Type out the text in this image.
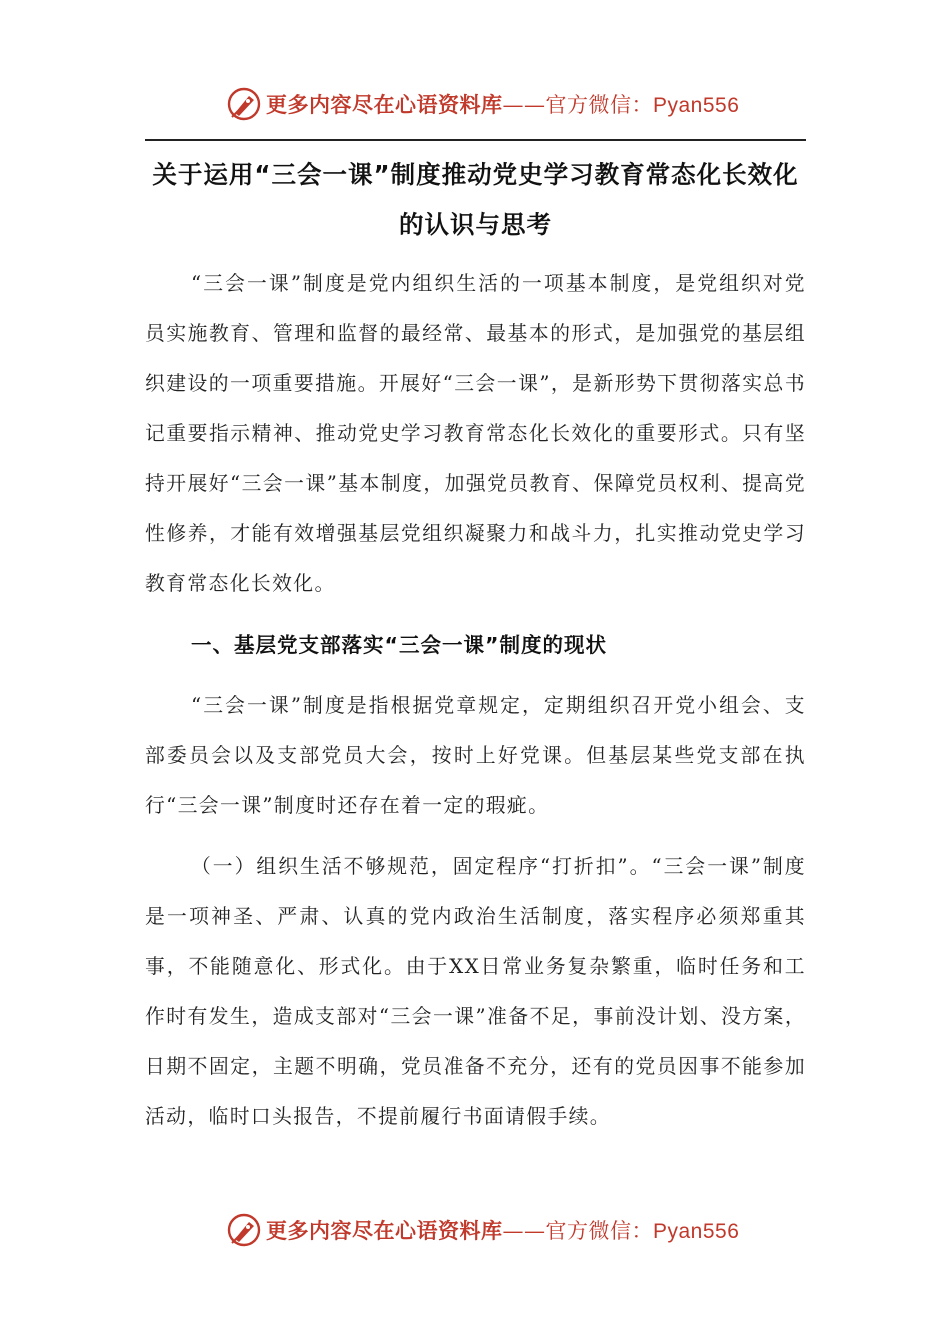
更多内容尽在心语资料库——官方微信：Pyan556
关于运用“三会一课”制度推动党史学习教育常态化长效化的认识与思考
“三会一课”制度是党内组织生活的一项基本制度，是党组织对党员实施教育、管理和监督的最经常、最基本的形式，是加强党的基层组织建设的一项重要措施。开展好“三会一课”，是新形势下贯彻落实总书记重要指示精神、推动党史学习教育常态化长效化的重要形式。只有坚持开展好“三会一课”基本制度，加强党员教育、保障党员权利、提高党性修养，才能有效增强基层党组织凝聚力和战斗力，扎实推动党史学习教育常态化长效化。
一、基层党支部落实“三会一课”制度的现状
“三会一课”制度是指根据党章规定，定期组织召开党小组会、支部委员会以及支部党员大会，按时上好党课。但基层某些党支部在执行“三会一课”制度时还存在着一定的瑕疵。
（一）组织生活不够规范，固定程序“打折扣”。“三会一课”制度是一项神圣、严肃、认真的党内政治生活制度，落实程序必须郑重其事，不能随意化、形式化。由于XX日常业务复杂繁重，临时任务和工作时有发生，造成支部对“三会一课”准备不足，事前没计划、没方案，日期不固定，主题不明确，党员准备不充分，还有的党员因事不能参加活动，临时口头报告，不提前履行书面请假手续。
更多内容尽在心语资料库——官方微信：Pyan556
